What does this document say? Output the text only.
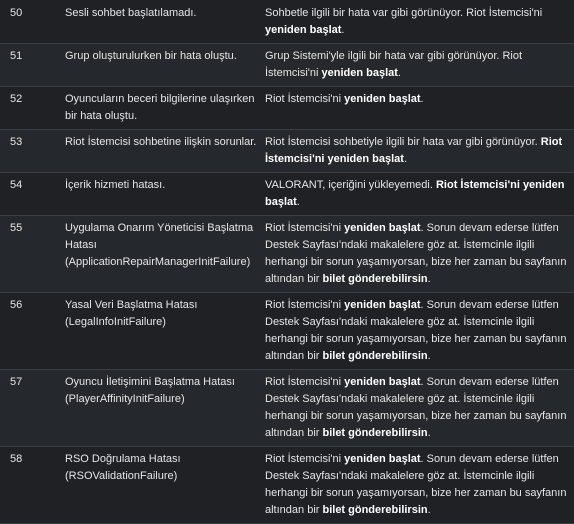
50	Sesli sohbet başlatılamadı.	Sohbetle ilgili bir hata var gibi görünüyor. Riot İstemcisi'ni yeniden başlat.
51	Grup oluşturulurken bir hata oluştu.	Grup Sistemi'yle ilgili bir hata var gibi görünüyor. Riot İstemcisi'ni yeniden başlat.
52	Oyuncuların beceri bilgilerine ulaşırken bir hata oluştu.	Riot İstemcisi'ni yeniden başlat.
53	Riot İstemcisi sohbetine ilişkin sorunlar.	Riot İstemcisi sohbetiyle ilgili bir hata var gibi görünüyor. Riot İstemcisi'ni yeniden başlat.
54	İçerik hizmeti hatası.	VALORANT, içeriğini yükleyemedi. Riot İstemcisi'ni yeniden başlat.
55	Uygulama Onarım Yöneticisi Başlatma Hatası (ApplicationRepairManagerInitFailure)	Riot İstemcisi'ni yeniden başlat. Sorun devam ederse lütfen Destek Sayfası'ndaki makalelere göz at. İstemcinle ilgili herhangi bir sorun yaşamıyorsan, bize her zaman bu sayfanın altından bir bilet gönderebilirsin.
56	Yasal Veri Başlatma Hatası (LegalInfoInitFailure)	Riot İstemcisi'ni yeniden başlat. Sorun devam ederse lütfen Destek Sayfası'ndaki makalelere göz at. İstemcinle ilgili herhangi bir sorun yaşamıyorsan, bize her zaman bu sayfanın altından bir bilet gönderebilirsin.
57	Oyuncu İletişimini Başlatma Hatası (PlayerAffinityInitFailure)	Riot İstemcisi'ni yeniden başlat. Sorun devam ederse lütfen Destek Sayfası'ndaki makalelere göz at. İstemcinle ilgili herhangi bir sorun yaşamıyorsan, bize her zaman bu sayfanın altından bir bilet gönderebilirsin.
58	RSO Doğrulama Hatası (RSOValidationFailure)	Riot İstemcisi'ni yeniden başlat. Sorun devam ederse lütfen Destek Sayfası'ndaki makalelere göz at. İstemcinle ilgili herhangi bir sorun yaşamıyorsan, bize her zaman bu sayfanın altından bir bilet gönderebilirsin.
